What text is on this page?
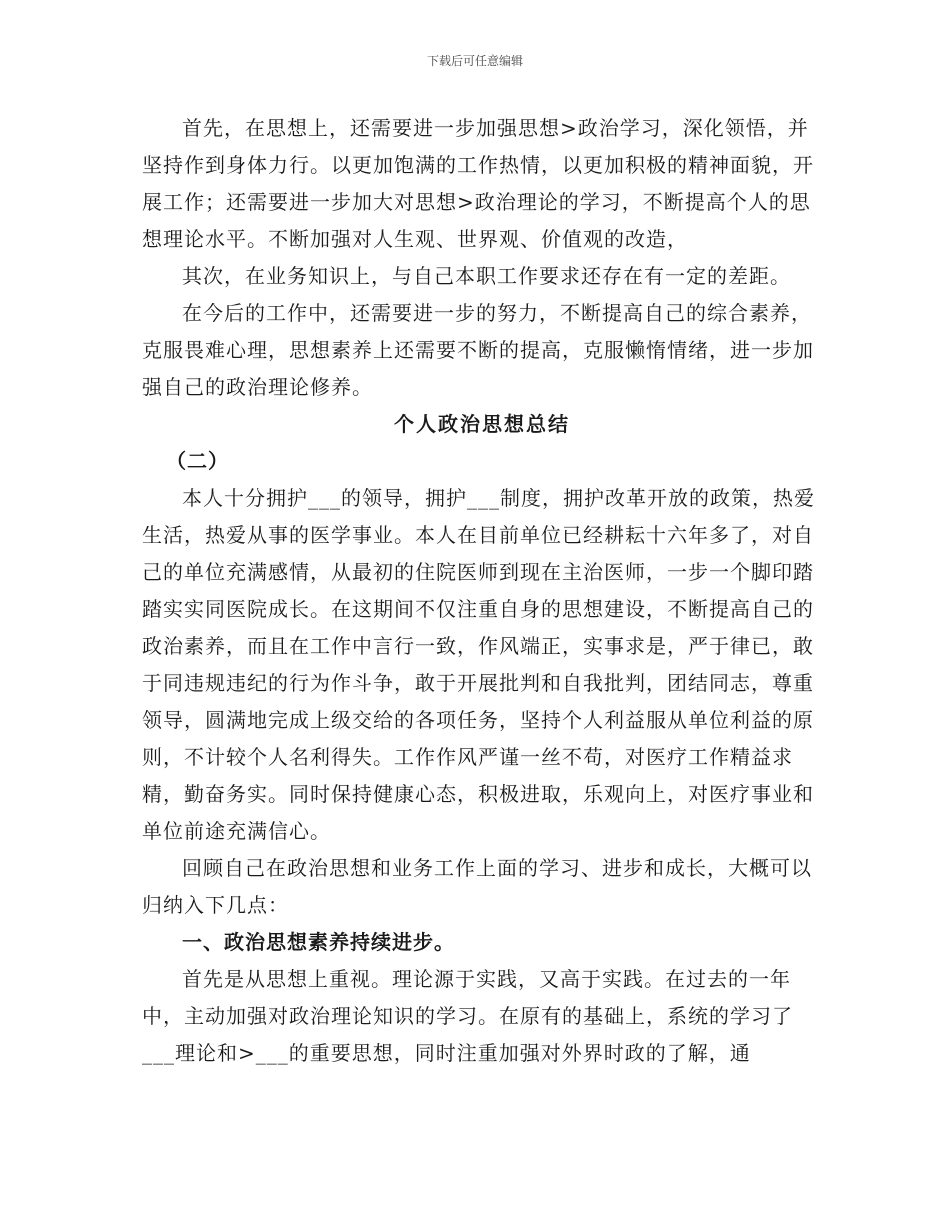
下载后可任意编辑

首先，在思想上，还需要进一步加强思想>政治学习，深化领悟，并坚持作到身体力行。以更加饱满的工作热情，以更加积极的精神面貌，开展工作；还需要进一步加大对思想>政治理论的学习，不断提高个人的思想理论水平。不断加强对人生观、世界观、价值观的改造，

其次，在业务知识上，与自己本职工作要求还存在有一定的差距。

在今后的工作中，还需要进一步的努力，不断提高自己的综合素养，克服畏难心理，思想素养上还需要不断的提高，克服懒惰情绪，进一步加强自己的政治理论修养。

个人政治思想总结

（二）

本人十分拥护___的领导，拥护___制度，拥护改革开放的政策，热爱生活，热爱从事的医学事业。本人在目前单位已经耕耘十六年多了，对自己的单位充满感情，从最初的住院医师到现在主治医师，一步一个脚印踏踏实实同医院成长。在这期间不仅注重自身的思想建设，不断提高自己的政治素养，而且在工作中言行一致，作风端正，实事求是，严于律已，敢于同违规违纪的行为作斗争，敢于开展批判和自我批判，团结同志，尊重领导，圆满地完成上级交给的各项任务，坚持个人利益服从单位利益的原则，不计较个人名利得失。工作作风严谨一丝不苟，对医疗工作精益求精，勤奋务实。同时保持健康心态，积极进取，乐观向上，对医疗事业和单位前途充满信心。

回顾自己在政治思想和业务工作上面的学习、进步和成长，大概可以归纳入下几点：

一、政治思想素养持续进步。

首先是从思想上重视。理论源于实践，又高于实践。在过去的一年中，主动加强对政治理论知识的学习。在原有的基础上，系统的学习了___理论和>___的重要思想，同时注重加强对外界时政的了解，通
